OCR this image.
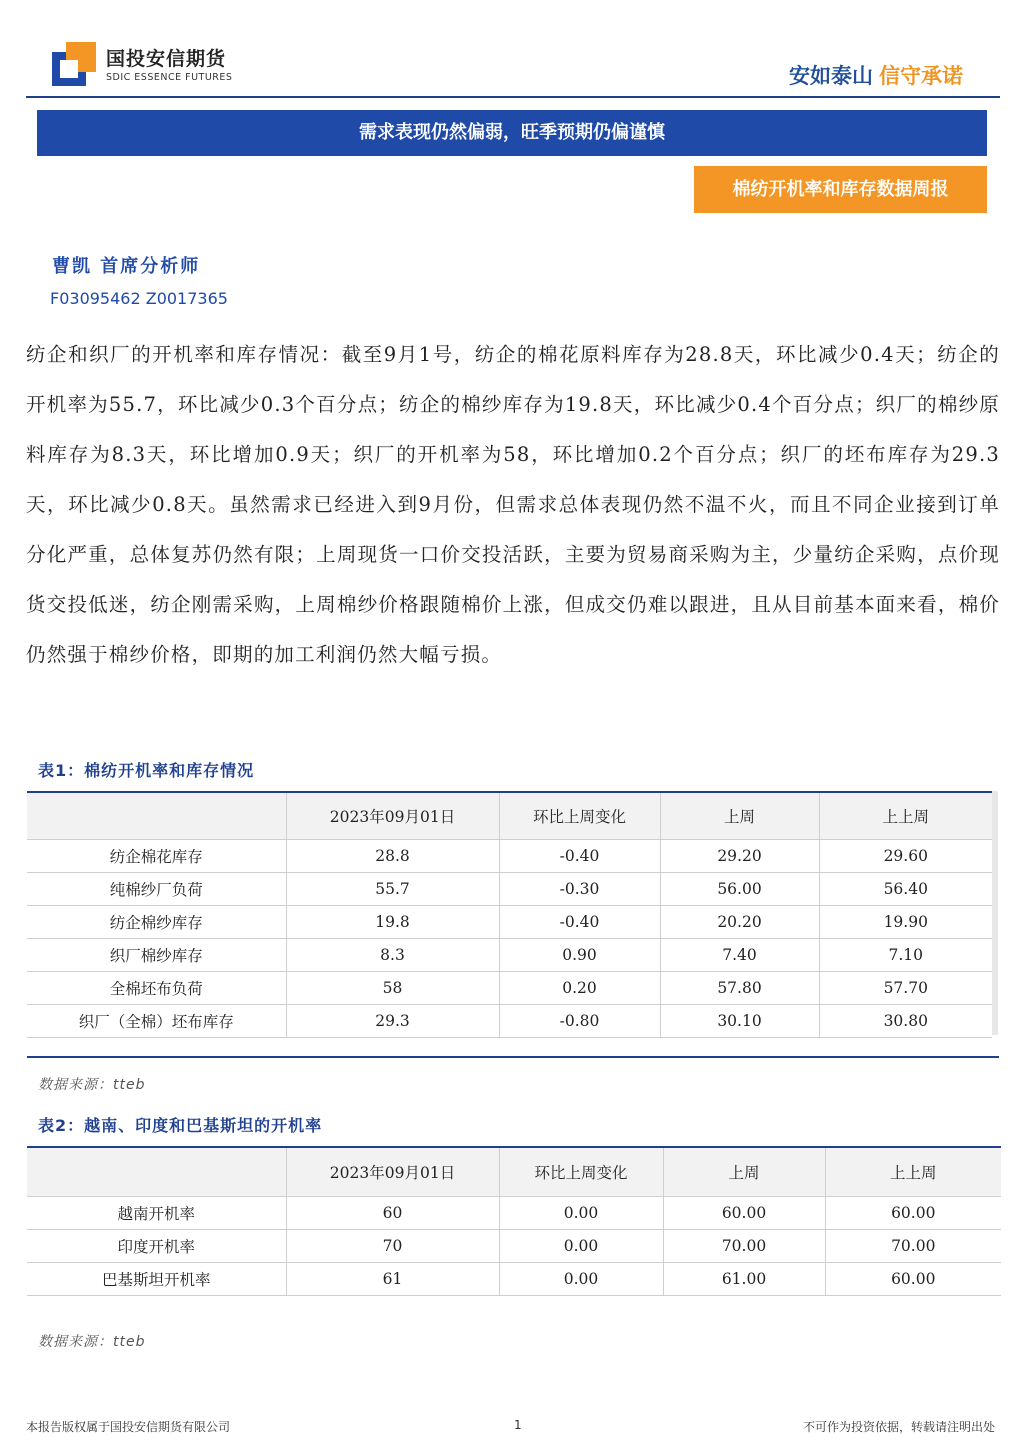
国投安信期货
SDIC ESSENCE FUTURES	安如泰山 信守承诺
需求表现仍然偏弱，旺季预期仍偏谨慎
棉纺开机率和库存数据周报
曹凯 首席分析师
F03095462 Z0017365

纺企和织厂的开机率和库存情况：截至9月1号，纺企的棉花原料库存为28.8天，环比减少0.4天；纺企的开机率为55.7，环比减少0.3个百分点；纺企的棉纱库存为19.8天，环比减少0.4个百分点；织厂的棉纱原料库存为8.3天，环比增加0.9天；织厂的开机率为58，环比增加0.2个百分点；织厂的坯布库存为29.3天，环比减少0.8天。虽然需求已经进入到9月份，但需求总体表现仍然不温不火，而且不同企业接到订单分化严重，总体复苏仍然有限；上周现货一口价交投活跃，主要为贸易商采购为主，少量纺企采购，点价现货交投低迷，纺企刚需采购，上周棉纱价格跟随棉价上涨，但成交仍难以跟进，且从目前基本面来看，棉价仍然强于棉纱价格，即期的加工利润仍然大幅亏损。

表1：棉纺开机率和库存情况
	2023年09月01日	环比上周变化	上周	上上周
纺企棉花库存	28.8	-0.40	29.20	29.60
纯棉纱厂负荷	55.7	-0.30	56.00	56.40
纺企棉纱库存	19.8	-0.40	20.20	19.90
织厂棉纱库存	8.3	0.90	7.40	7.10
全棉坯布负荷	58	0.20	57.80	57.70
织厂（全棉）坯布库存	29.3	-0.80	30.10	30.80
数据来源：tteb
表2：越南、印度和巴基斯坦的开机率
	2023年09月01日	环比上周变化	上周	上上周
越南开机率	60	0.00	60.00	60.00
印度开机率	70	0.00	70.00	70.00
巴基斯坦开机率	61	0.00	61.00	60.00
数据来源：tteb
本报告版权属于国投安信期货有限公司	1	不可作为投资依据，转载请注明出处
